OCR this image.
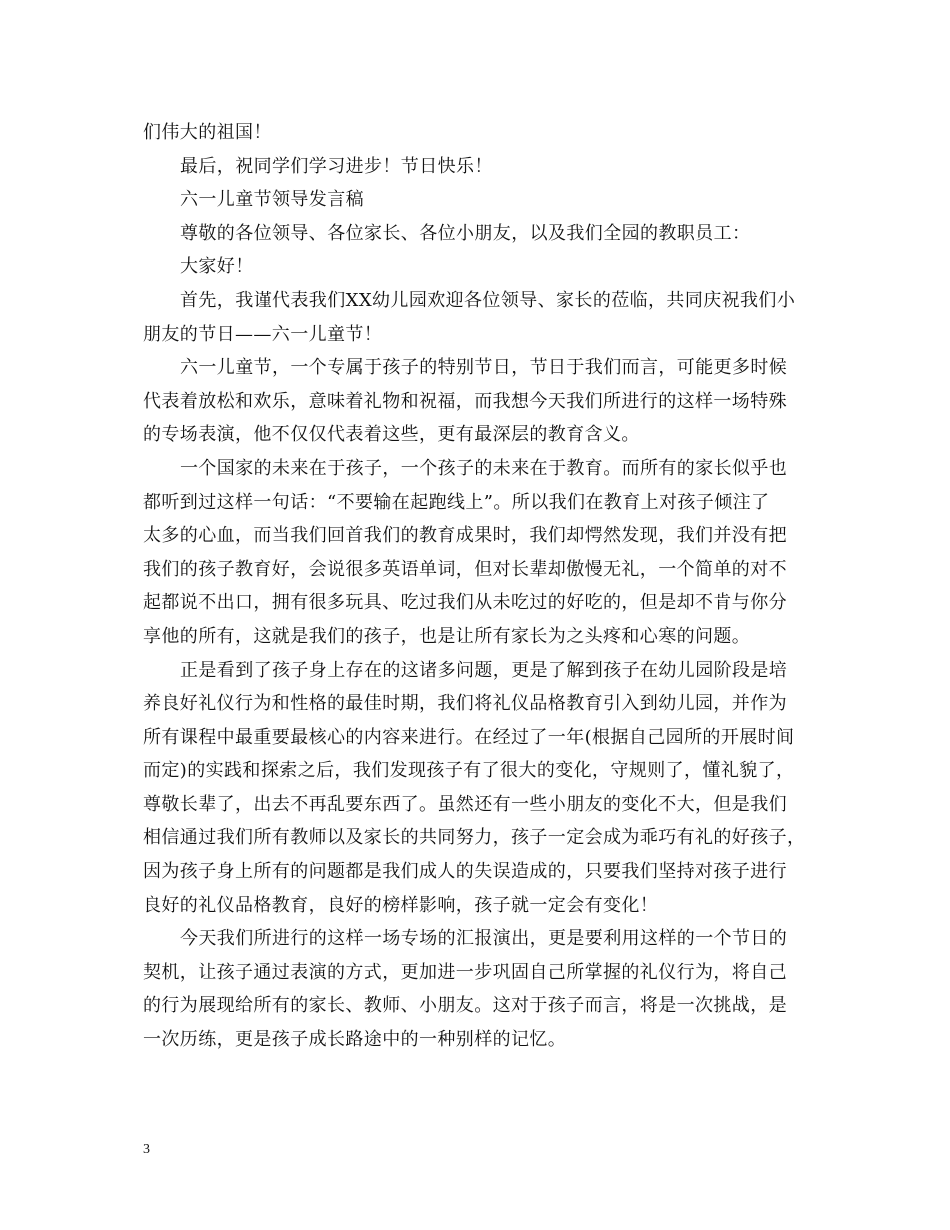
们伟大的祖国！
最后，祝同学们学习进步！节日快乐！
六一儿童节领导发言稿
尊敬的各位领导、各位家长、各位小朋友，以及我们全园的教职员工：
大家好！
首先，我谨代表我们XX幼儿园欢迎各位领导、家长的莅临，共同庆祝我们小
朋友的节日——六一儿童节！
六一儿童节，一个专属于孩子的特别节日，节日于我们而言，可能更多时候
代表着放松和欢乐，意味着礼物和祝福，而我想今天我们所进行的这样一场特殊
的专场表演，他不仅仅代表着这些，更有最深层的教育含义。
一个国家的未来在于孩子，一个孩子的未来在于教育。而所有的家长似乎也
都听到过这样一句话：“不要输在起跑线上”。所以我们在教育上对孩子倾注了
太多的心血，而当我们回首我们的教育成果时，我们却愕然发现，我们并没有把
我们的孩子教育好，会说很多英语单词，但对长辈却傲慢无礼，一个简单的对不
起都说不出口，拥有很多玩具、吃过我们从未吃过的好吃的，但是却不肯与你分
享他的所有，这就是我们的孩子，也是让所有家长为之头疼和心寒的问题。
正是看到了孩子身上存在的这诸多问题，更是了解到孩子在幼儿园阶段是培
养良好礼仪行为和性格的最佳时期，我们将礼仪品格教育引入到幼儿园，并作为
所有课程中最重要最核心的内容来进行。在经过了一年(根据自己园所的开展时间
而定)的实践和探索之后，我们发现孩子有了很大的变化，守规则了，懂礼貌了，
尊敬长辈了，出去不再乱要东西了。虽然还有一些小朋友的变化不大，但是我们
相信通过我们所有教师以及家长的共同努力，孩子一定会成为乖巧有礼的好孩子，
因为孩子身上所有的问题都是我们成人的失误造成的，只要我们坚持对孩子进行
良好的礼仪品格教育，良好的榜样影响，孩子就一定会有变化！
今天我们所进行的这样一场专场的汇报演出，更是要利用这样的一个节日的
契机，让孩子通过表演的方式，更加进一步巩固自己所掌握的礼仪行为，将自己
的行为展现给所有的家长、教师、小朋友。这对于孩子而言，将是一次挑战，是
一次历练，更是孩子成长路途中的一种别样的记忆。
3
